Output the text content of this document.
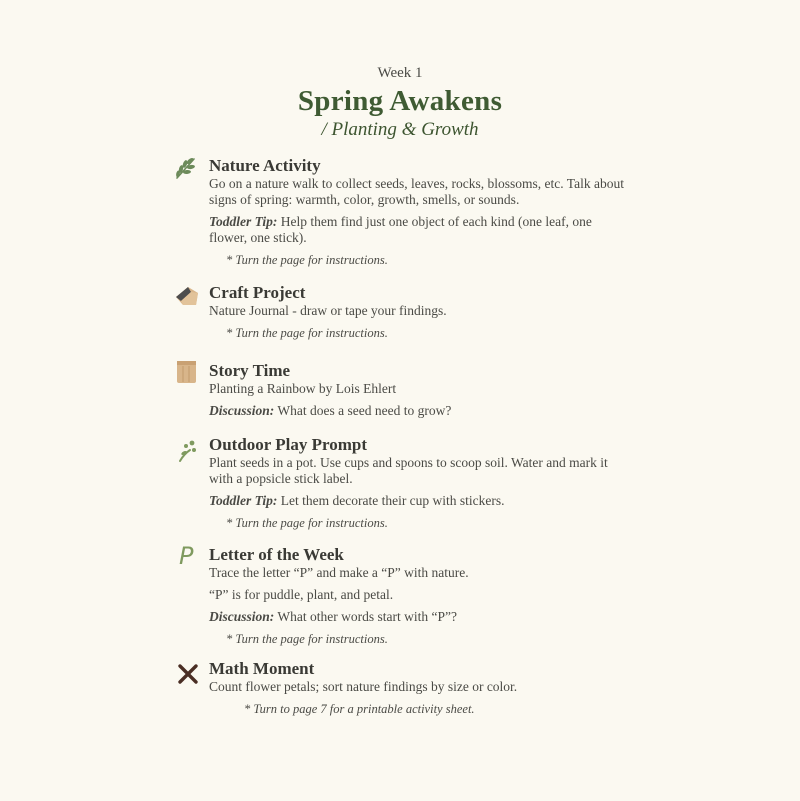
Week 1
Spring Awakens
/ Planting & Growth
Nature Activity
Go on a nature walk to collect seeds, leaves, rocks, blossoms, etc. Talk about signs of spring: warmth, color, growth, smells, or sounds.
Toddler Tip: Help them find just one object of each kind (one leaf, one flower, one stick).
* Turn the page for instructions.
Craft Project
Nature Journal - draw or tape your findings.
* Turn the page for instructions.
Story Time
Planting a Rainbow by Lois Ehlert
Discussion: What does a seed need to grow?
Outdoor Play Prompt
Plant seeds in a pot. Use cups and spoons to scoop soil. Water and mark it with a popsicle stick label.
Toddler Tip: Let them decorate their cup with stickers.
* Turn the page for instructions.
P Letter of the Week
Trace the letter “P” and make a “P” with nature.
“P” is for puddle, plant, and petal.
Discussion: What other words start with “P”?
* Turn the page for instructions.
Math Moment
Count flower petals; sort nature findings by size or color.
* Turn to page 7 for a printable activity sheet.
